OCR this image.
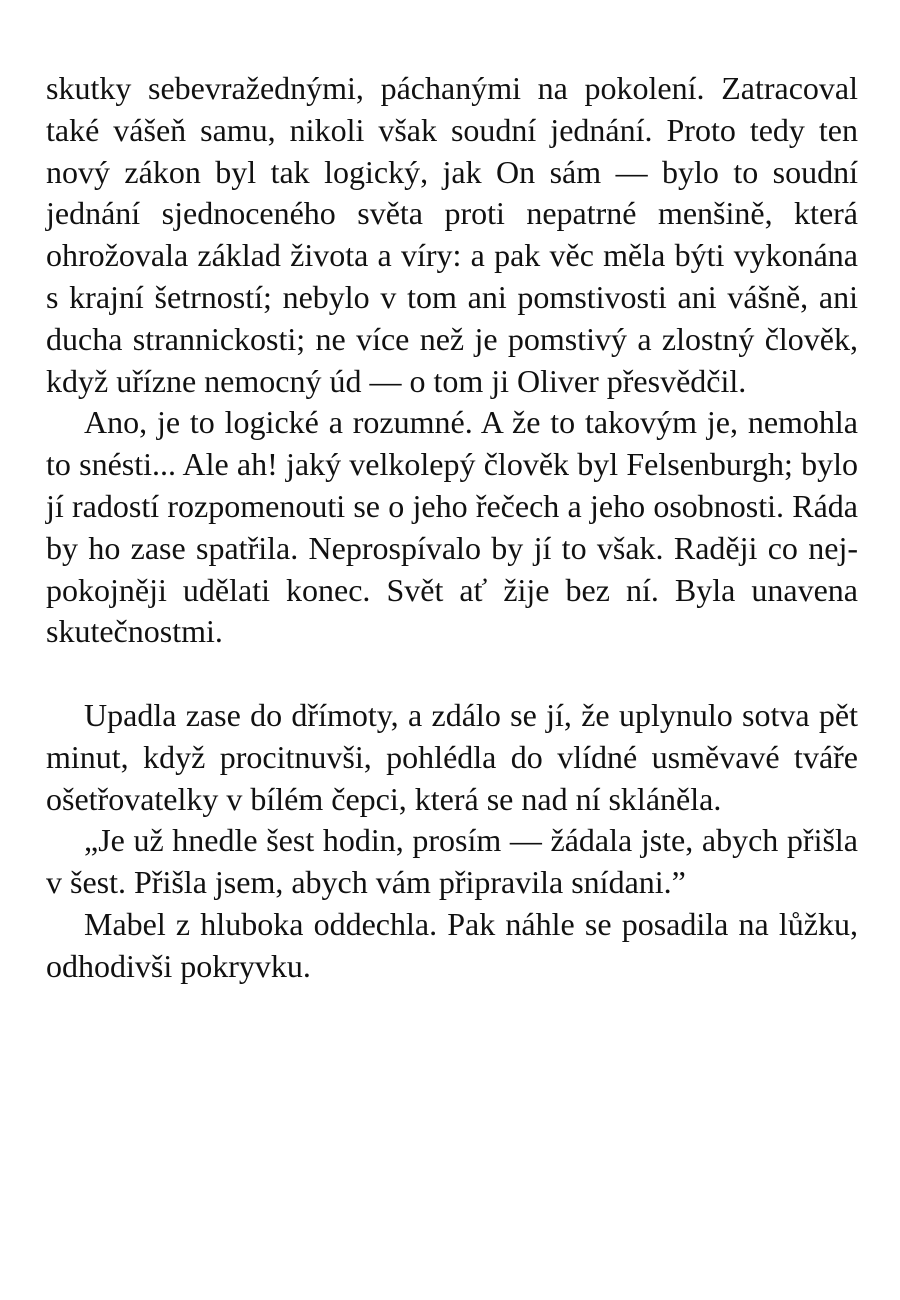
skutky sebevražednými, páchanými na pokolení. Zatracoval také vášeň samu, nikoli však soudní jednání. Proto tedy ten nový zákon byl tak logický, jak On sám — bylo to soudní jednání sjednoceného světa proti nepatrné menšině, která ohrožovala základ života a víry: a pak věc měla býti vykonána s krajní šetrností; nebylo v tom ani pomstivosti ani vášně, ani ducha strannickosti; ne více než je pomstivý a zlostný člověk, když uřízne nemocný úd — o tom ji Oliver přesvědčil.

Ano, je to logické a rozumné. A že to takovým je, nemohla to snésti... Ale ah! jaký velkolepý člověk byl Felsenburgh; bylo jí radostí rozpomenouti se o jeho řečech a jeho osobnosti. Ráda by ho zase spatřila. Neprospívalo by jí to však. Raději co nej-pokojněji udělati konec. Svět ať žije bez ní. Byla unavena skutečnostmi.

Upadla zase do dřímoty, a zdálo se jí, že uplynulo sotva pět minut, když procitnuvši, pohlédla do vlídné usměvavé tváře ošetřovatelky v bílém čepci, která se nad ní skláněla.

„Je už hnedle šest hodin, prosím — žádala jste, abych přišla v šest. Přišla jsem, abych vám připravila snídani.”

Mabel z hluboka oddechla. Pak náhle se posadila na lůžku, odhodivši pokryvku.
